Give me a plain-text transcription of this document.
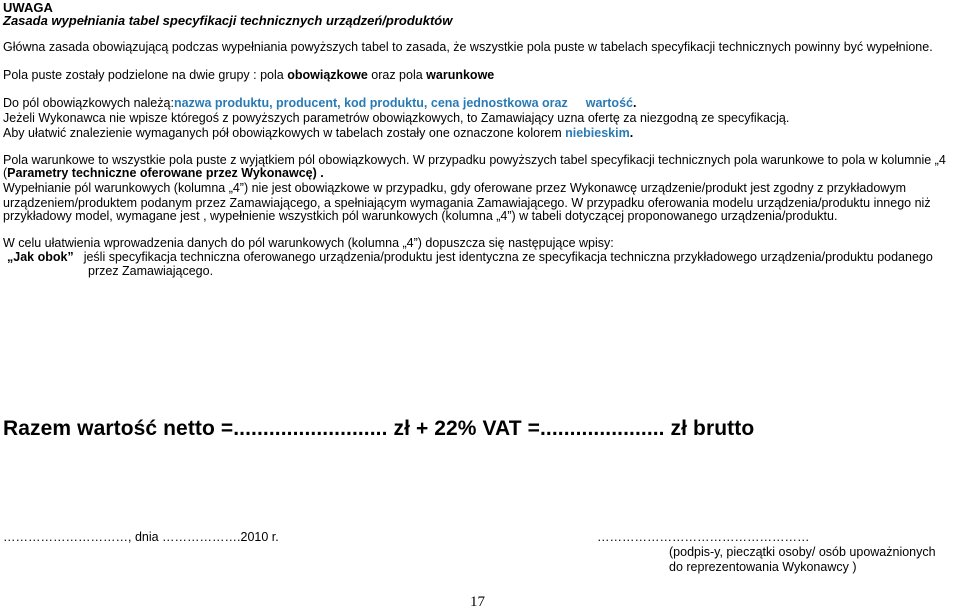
UWAGA
Zasada wypełniania tabel specyfikacji technicznych urządzeń/produktów
Główna zasada obowiązującą podczas wypełniania powyższych tabel to zasada, że wszystkie pola puste w tabelach specyfikacji technicznych powinny być wypełnione.
Pola puste zostały podzielone na dwie grupy : pola obowiązkowe oraz pola warunkowe
Do pól obowiązkowych należą:nazwa produktu, producent, kod produktu, cena jednostkowa oraz wartość.
Jeżeli Wykonawca nie wpisze któregoś z powyższych parametrów obowiązkowych, to Zamawiający uzna ofertę za niezgodną ze specyfikacją.
Aby ułatwić znalezienie wymaganych pół obowiązkowych w tabelach zostały one oznaczone kolorem niebieskim.
Pola warunkowe to wszystkie pola puste z wyjątkiem pól obowiązkowych. W przypadku powyższych tabel specyfikacji technicznych pola warunkowe to pola w kolumnie „4
(Parametry techniczne oferowane przez Wykonawcę) .
Wypełnianie pól warunkowych (kolumna „4”) nie jest obowiązkowe w przypadku, gdy oferowane przez Wykonawcę urządzenie/produkt jest zgodny z przykładowym
urządzeniem/produktem podanym przez Zamawiającego, a spełniającym wymagania Zamawiającego. W przypadku oferowania modelu urządzenia/produktu innego niż
przykładowy model, wymagane jest , wypełnienie wszystkich pól warunkowych (kolumna „4”) w tabeli dotyczącej proponowanego urządzenia/produktu.
W celu ułatwienia wprowadzenia danych do pól warunkowych (kolumna „4”) dopuszcza się następujące wpisy:
„Jak obok” jeśli specyfikacja techniczna oferowanego urządzenia/produktu jest identyczna ze specyfikacja techniczna przykładowego urządzenia/produktu podanego
przez Zamawiającego.
Razem wartość netto =.......................... zł + 22% VAT =..................... zł brutto
…………………………, dnia ……………….2010 r.	……………………………………………
(podpis-y, pieczątki osoby/ osób upoważnionych
do reprezentowania Wykonawcy )
17
